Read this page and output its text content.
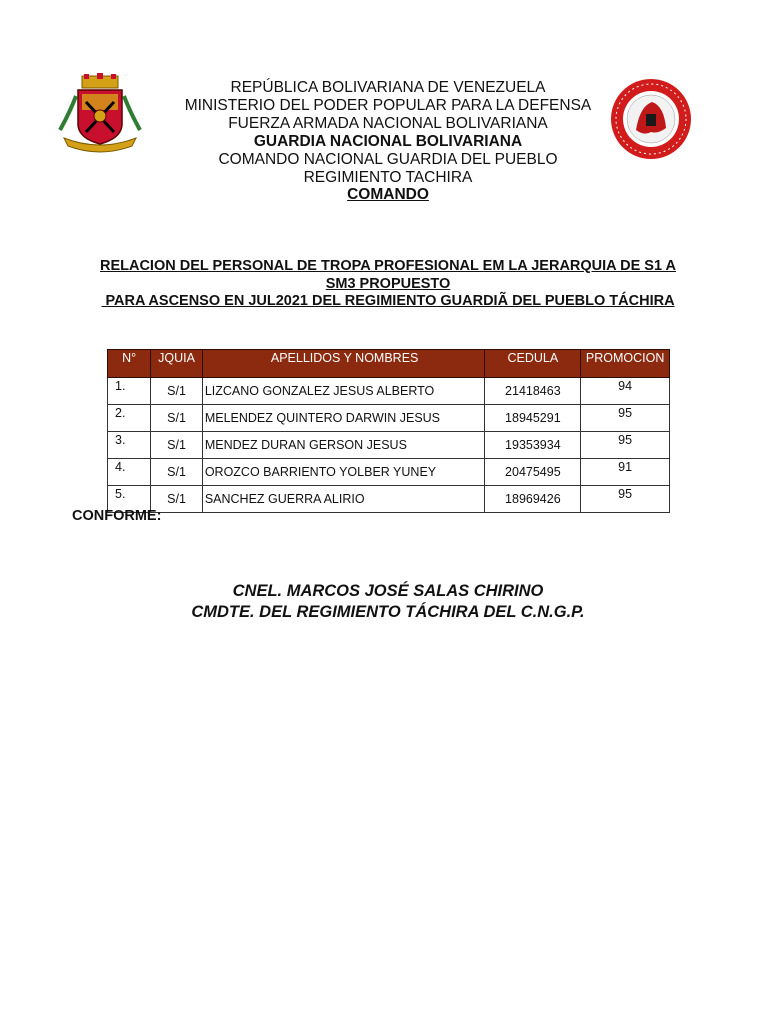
REPÚBLICA BOLIVARIANA DE VENEZUELA
MINISTERIO DEL PODER POPULAR PARA LA DEFENSA
FUERZA ARMADA NACIONAL BOLIVARIANA
GUARDIA NACIONAL BOLIVARIANA
COMANDO NACIONAL GUARDIA DEL PUEBLO
REGIMIENTO TACHIRA
COMANDO
RELACION DEL PERSONAL DE TROPA PROFESIONAL EM LA JERARQUIA DE S1 A
SM3 PROPUESTO
PARA ASCENSO EN JUL2021 DEL REGIMIENTO GUARDIÃ DEL PUEBLO TÁCHIRA
N°	JQUIA	APELLIDOS Y NOMBRES	CEDULA	PROMOCION
1.	S/1	LIZCANO GONZALEZ JESUS ALBERTO	21418463	94
2.	S/1	MELENDEZ QUINTERO DARWIN JESUS	18945291	95
3.	S/1	MENDEZ DURAN GERSON JESUS	19353934	95
4.	S/1	OROZCO BARRIENTO YOLBER YUNEY	20475495	91
5.	S/1	SANCHEZ GUERRA ALIRIO	18969426	95
CONFORME:
CNEL. MARCOS JOSÉ SALAS CHIRINO
CMDTE. DEL REGIMIENTO TÁCHIRA DEL C.N.G.P.
